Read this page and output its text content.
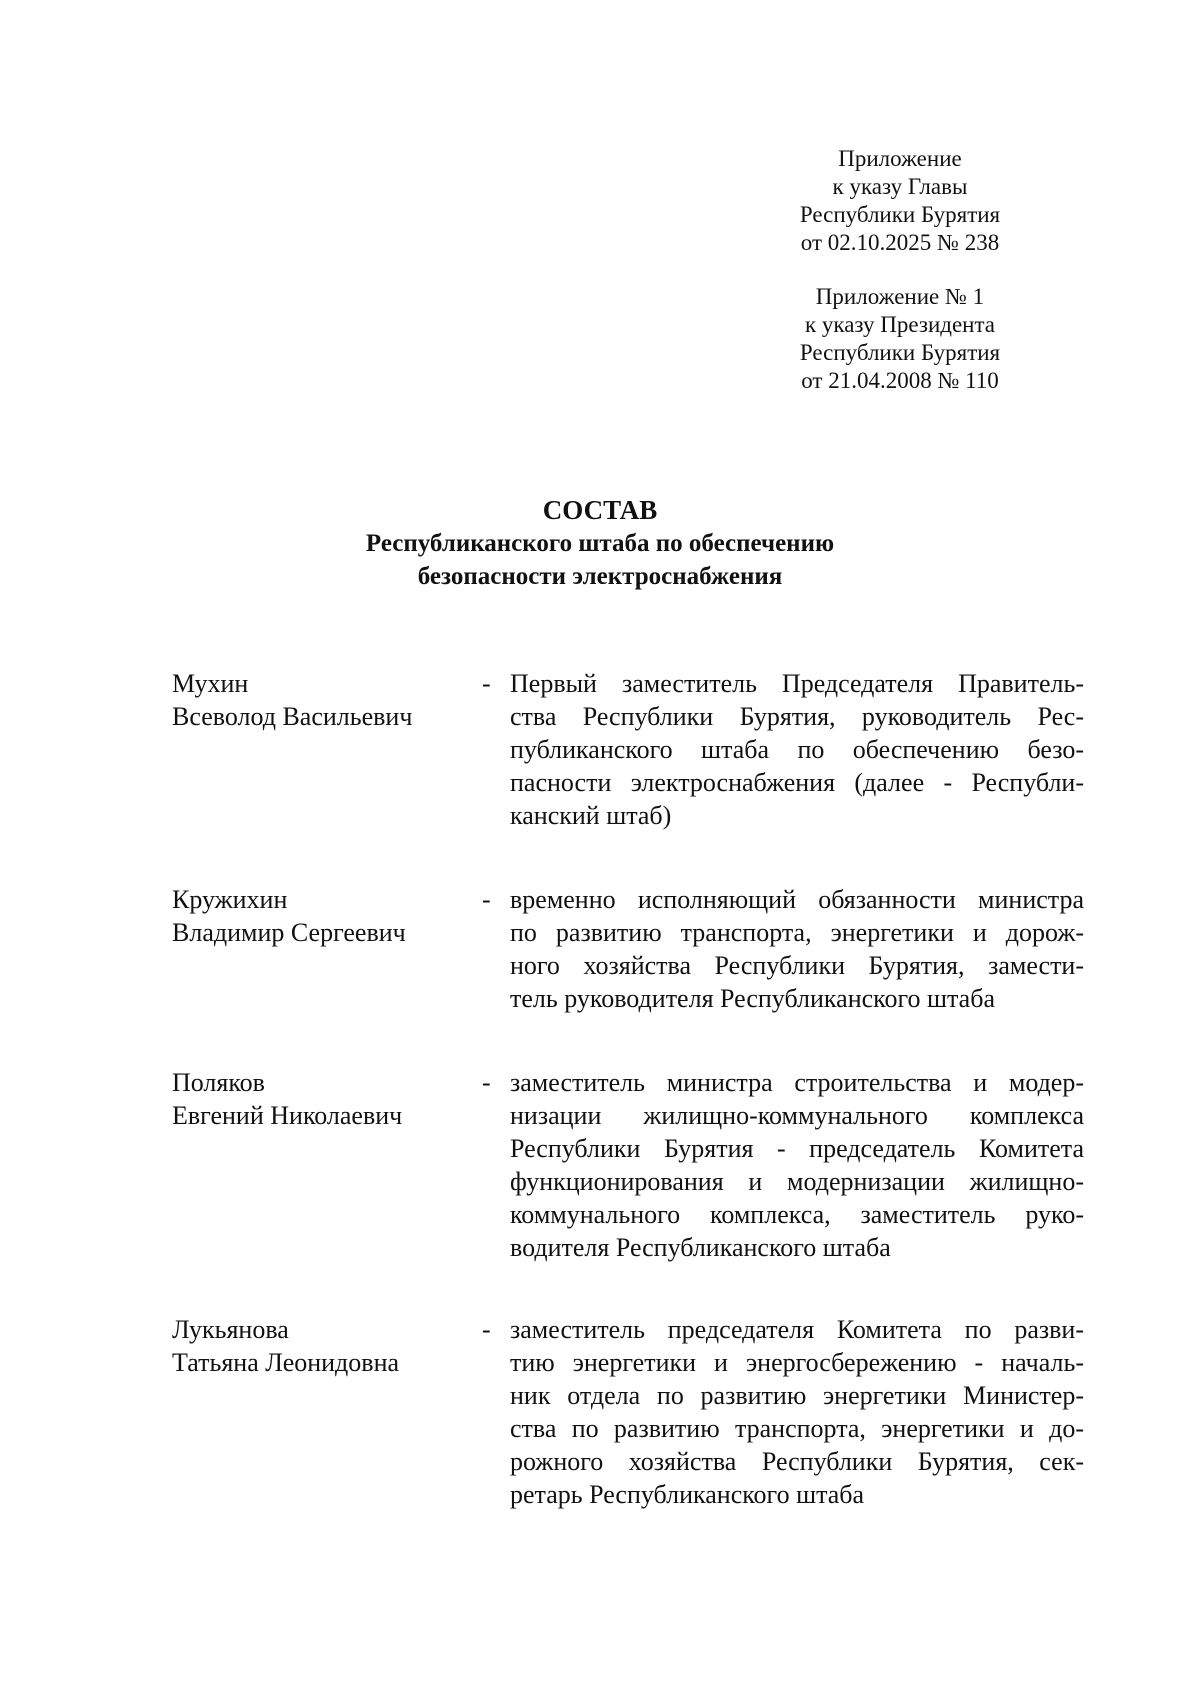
Приложение
к указу Главы
Республики Бурятия
от 02.10.2025 № 238
Приложение № 1
к указу Президента
Республики Бурятия
от 21.04.2008 № 110
СОСТАВ
Республиканского штаба по обеспечению
безопасности электроснабжения
Мухин
Всеволод Васильевич
- Первый заместитель Председателя Правитель-
ства Республики Бурятия, руководитель Рес-
публиканского штаба по обеспечению безо-
пасности электроснабжения (далее - Республи-
канский штаб)
Кружихин
Владимир Сергеевич
- временно исполняющий обязанности министра
по развитию транспорта, энергетики и дорож-
ного хозяйства Республики Бурятия, замести-
тель руководителя Республиканского штаба
Поляков
Евгений Николаевич
- заместитель министра строительства и модер-
низации жилищно-коммунального комплекса
Республики Бурятия - председатель Комитета
функционирования и модернизации жилищно-
коммунального комплекса, заместитель руко-
водителя Республиканского штаба
Лукьянова
Татьяна Леонидовна
- заместитель председателя Комитета по разви-
тию энергетики и энергосбережению - началь-
ник отдела по развитию энергетики Министер-
ства по развитию транспорта, энергетики и до-
рожного хозяйства Республики Бурятия, сек-
ретарь Республиканского штаба
